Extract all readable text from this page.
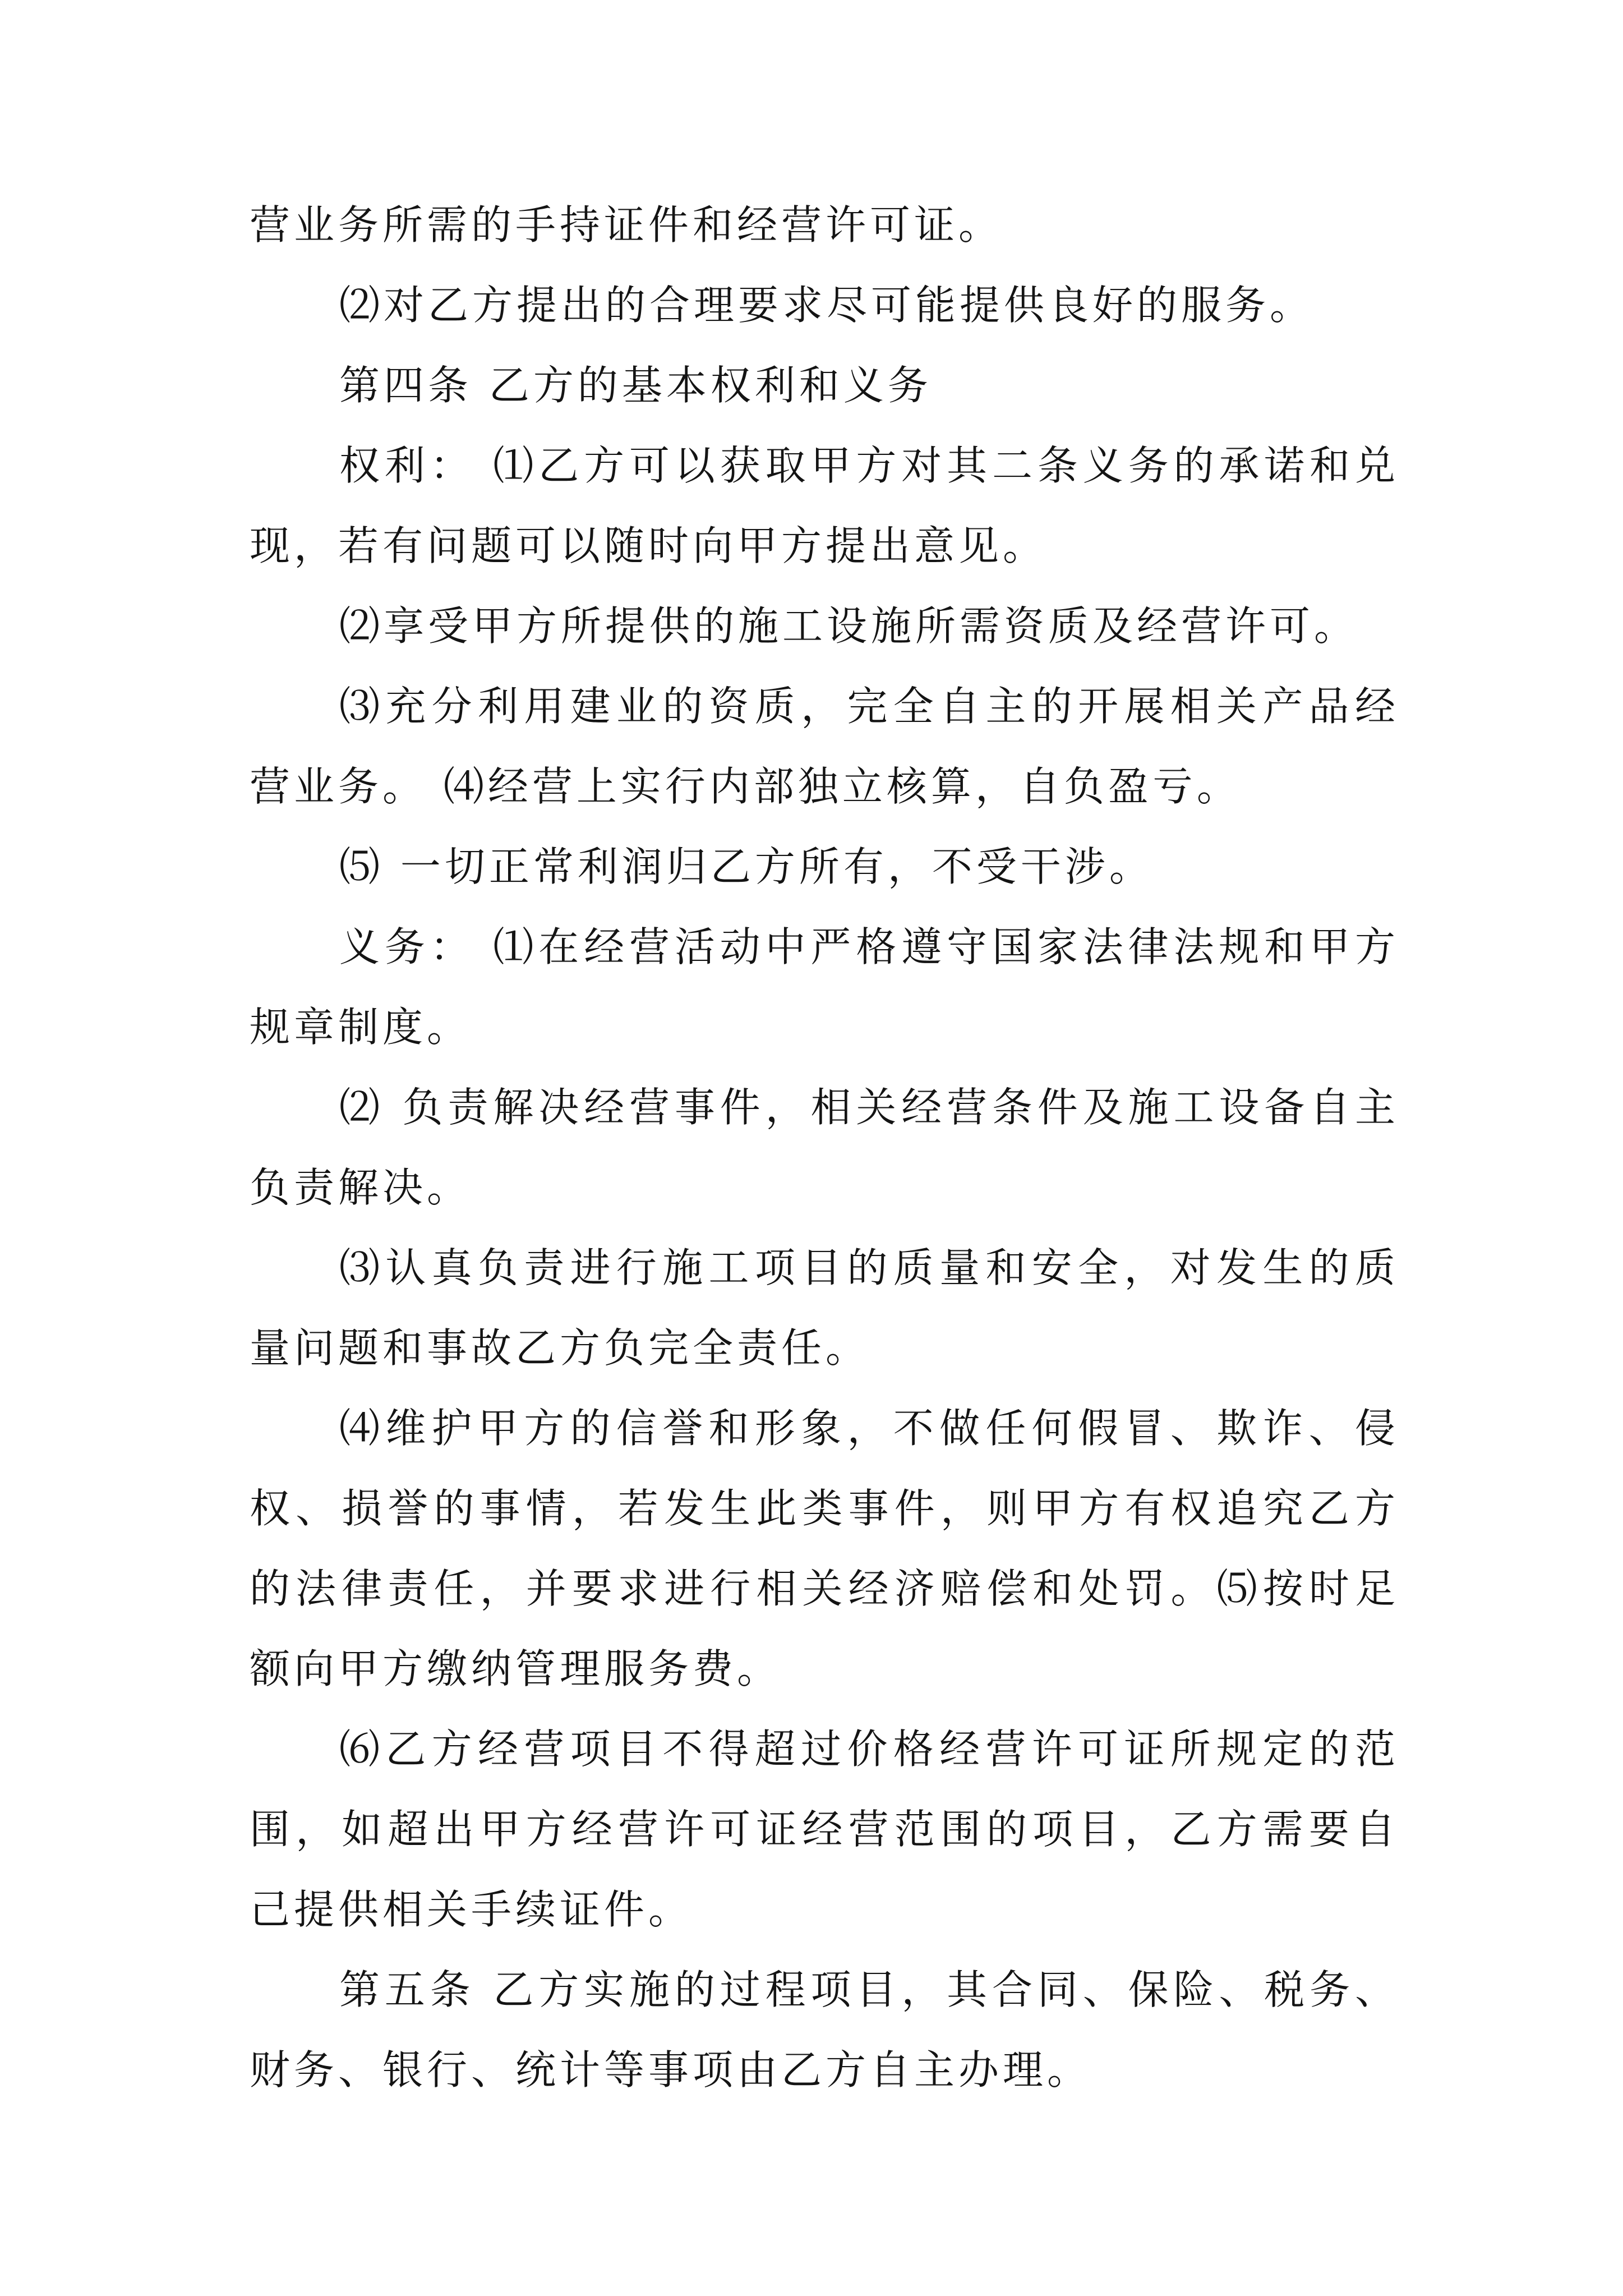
营业务所需的手持证件和经营许可证。

⑵对乙方提出的合理要求尽可能提供良好的服务。

第四条 乙方的基本权利和义务

权利： ⑴乙方可以获取甲方对其二条义务的承诺和兑现，若有问题可以随时向甲方提出意见。

⑵享受甲方所提供的施工设施所需资质及经营许可。

⑶充分利用建业的资质，完全自主的开展相关产品经营业务。 ⑷经营上实行内部独立核算，自负盈亏。

⑸ 一切正常利润归乙方所有，不受干涉。

义务： ⑴在经营活动中严格遵守国家法律法规和甲方规章制度。

⑵ 负责解决经营事件，相关经营条件及施工设备自主负责解决。

⑶认真负责进行施工项目的质量和安全，对发生的质量问题和事故乙方负完全责任。

⑷维护甲方的信誉和形象，不做任何假冒、欺诈、侵权、损誉的事情，若发生此类事件，则甲方有权追究乙方的法律责任，并要求进行相关经济赔偿和处罚。⑸按时足额向甲方缴纳管理服务费。

⑹乙方经营项目不得超过价格经营许可证所规定的范围，如超出甲方经营许可证经营范围的项目，乙方需要自己提供相关手续证件。

第五条 乙方实施的过程项目，其合同、保险、税务、财务、银行、统计等事项由乙方自主办理。
